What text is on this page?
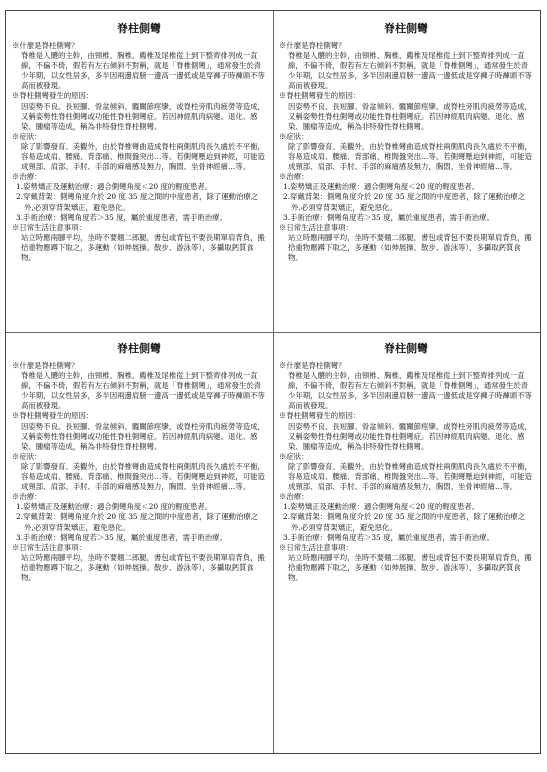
脊柱側彎
※什麼是脊柱側彎？
脊椎是人體的主幹，由頸椎、胸椎、薦椎及尾椎從上到下整齊排列成一直線，不偏不倚，假若有左右傾斜不對稱，就是「脊椎側彎」，通常發生於青少年期，以女性居多，多半因兩邊肩膀一邊高一邊低或是穿褲子時褲頭不等高而被發現。
※脊柱側彎發生的原因：
因姿勢不良、長短腳、骨盆傾斜、髖關節痙攣，或脊柱旁肌肉疲勞等造成，又稱姿勢性脊柱側彎或功能性脊柱側彎症。若因神經肌肉病變、退化、感染、腫瘤等造成，稱為非特發性脊柱側彎。
※症狀：
除了影響發育、美觀外，由於脊椎彎曲造成脊柱兩側肌肉長久處於不平衡，容易造成肩、腰痛、背部痛、椎間盤突出…等。若側彎壓迫到神經，可能造成頸部、肩部、手肘、手部的麻痛感及無力，胸悶、坐骨神經痛…等。
※治療：
1.姿勢矯正及運動治療：適合側彎角度＜20 度的輕度患者。
2.穿戴背架：側彎角度介於 20 度 35 度之間的中度患者，除了運動治療之外,必須穿背架矯正，避免惡化。
3.手術治療：側彎角度若＞35 度，屬於重度患者，需手術治療。
※日常生活注意事項：
站立時應兩腳平均，坐時不要翹二郎腿，書包或背包不要長期單肩背負，搬拾重物應蹲下取之，多運動（如伸展操、散步、游泳等），多攝取鈣質食物。
脊柱側彎
※什麼是脊柱側彎？
脊椎是人體的主幹，由頸椎、胸椎、薦椎及尾椎從上到下整齊排列成一直線，不偏不倚，假若有左右傾斜不對稱，就是「脊椎側彎」，通常發生於青少年期，以女性居多，多半因兩邊肩膀一邊高一邊低或是穿褲子時褲頭不等高而被發現。
※脊柱側彎發生的原因：
因姿勢不良、長短腳、骨盆傾斜、髖關節痙攣，或脊柱旁肌肉疲勞等造成，又稱姿勢性脊柱側彎或功能性脊柱側彎症。若因神經肌肉病變、退化、感染、腫瘤等造成，稱為非特發性脊柱側彎。
※症狀：
除了影響發育、美觀外，由於脊椎彎曲造成脊柱兩側肌肉長久處於不平衡，容易造成肩、腰痛、背部痛、椎間盤突出…等。若側彎壓迫到神經，可能造成頸部、肩部、手肘、手部的麻痛感及無力，胸悶、坐骨神經痛…等。
※治療：
1.姿勢矯正及運動治療：適合側彎角度＜20 度的輕度患者。
2.穿戴背架：側彎角度介於 20 度 35 度之間的中度患者，除了運動治療之外,必須穿背架矯正，避免惡化。
3.手術治療：側彎角度若＞35 度，屬於重度患者，需手術治療。
※日常生活注意事項：
站立時應兩腳平均，坐時不要翹二郎腿，書包或背包不要長期單肩背負，搬拾重物應蹲下取之，多運動（如伸展操、散步、游泳等），多攝取鈣質食物。
脊柱側彎
※什麼是脊柱側彎？
脊椎是人體的主幹，由頸椎、胸椎、薦椎及尾椎從上到下整齊排列成一直線，不偏不倚，假若有左右傾斜不對稱，就是「脊椎側彎」，通常發生於青少年期，以女性居多，多半因兩邊肩膀一邊高一邊低或是穿褲子時褲頭不等高而被發現。
※脊柱側彎發生的原因：
因姿勢不良、長短腳、骨盆傾斜、髖關節痙攣，或脊柱旁肌肉疲勞等造成，又稱姿勢性脊柱側彎或功能性脊柱側彎症。若因神經肌肉病變、退化、感染、腫瘤等造成，稱為非特發性脊柱側彎。
※症狀：
除了影響發育、美觀外，由於脊椎彎曲造成脊柱兩側肌肉長久處於不平衡，容易造成肩、腰痛、背部痛、椎間盤突出…等。若側彎壓迫到神經，可能造成頸部、肩部、手肘、手部的麻痛感及無力，胸悶、坐骨神經痛…等。
※治療：
1.姿勢矯正及運動治療：適合側彎角度＜20 度的輕度患者。
2.穿戴背架：側彎角度介於 20 度 35 度之間的中度患者，除了運動治療之外,必須穿背架矯正，避免惡化。
3.手術治療：側彎角度若＞35 度，屬於重度患者，需手術治療。
※日常生活注意事項：
站立時應兩腳平均，坐時不要翹二郎腿，書包或背包不要長期單肩背負，搬拾重物應蹲下取之，多運動（如伸展操、散步、游泳等），多攝取鈣質食物。
脊柱側彎
※什麼是脊柱側彎？
脊椎是人體的主幹，由頸椎、胸椎、薦椎及尾椎從上到下整齊排列成一直線，不偏不倚，假若有左右傾斜不對稱，就是「脊椎側彎」，通常發生於青少年期，以女性居多，多半因兩邊肩膀一邊高一邊低或是穿褲子時褲頭不等高而被發現。
※脊柱側彎發生的原因：
因姿勢不良、長短腳、骨盆傾斜、髖關節痙攣，或脊柱旁肌肉疲勞等造成，又稱姿勢性脊柱側彎或功能性脊柱側彎症。若因神經肌肉病變、退化、感染、腫瘤等造成，稱為非特發性脊柱側彎。
※症狀：
除了影響發育、美觀外，由於脊椎彎曲造成脊柱兩側肌肉長久處於不平衡，容易造成肩、腰痛、背部痛、椎間盤突出…等。若側彎壓迫到神經，可能造成頸部、肩部、手肘、手部的麻痛感及無力，胸悶、坐骨神經痛…等。
※治療：
1.姿勢矯正及運動治療：適合側彎角度＜20 度的輕度患者。
2.穿戴背架：側彎角度介於 20 度 35 度之間的中度患者，除了運動治療之外,必須穿背架矯正，避免惡化。
3.手術治療：側彎角度若＞35 度，屬於重度患者，需手術治療。
※日常生活注意事項：
站立時應兩腳平均，坐時不要翹二郎腿，書包或背包不要長期單肩背負，搬拾重物應蹲下取之，多運動（如伸展操、散步、游泳等），多攝取鈣質食物。
